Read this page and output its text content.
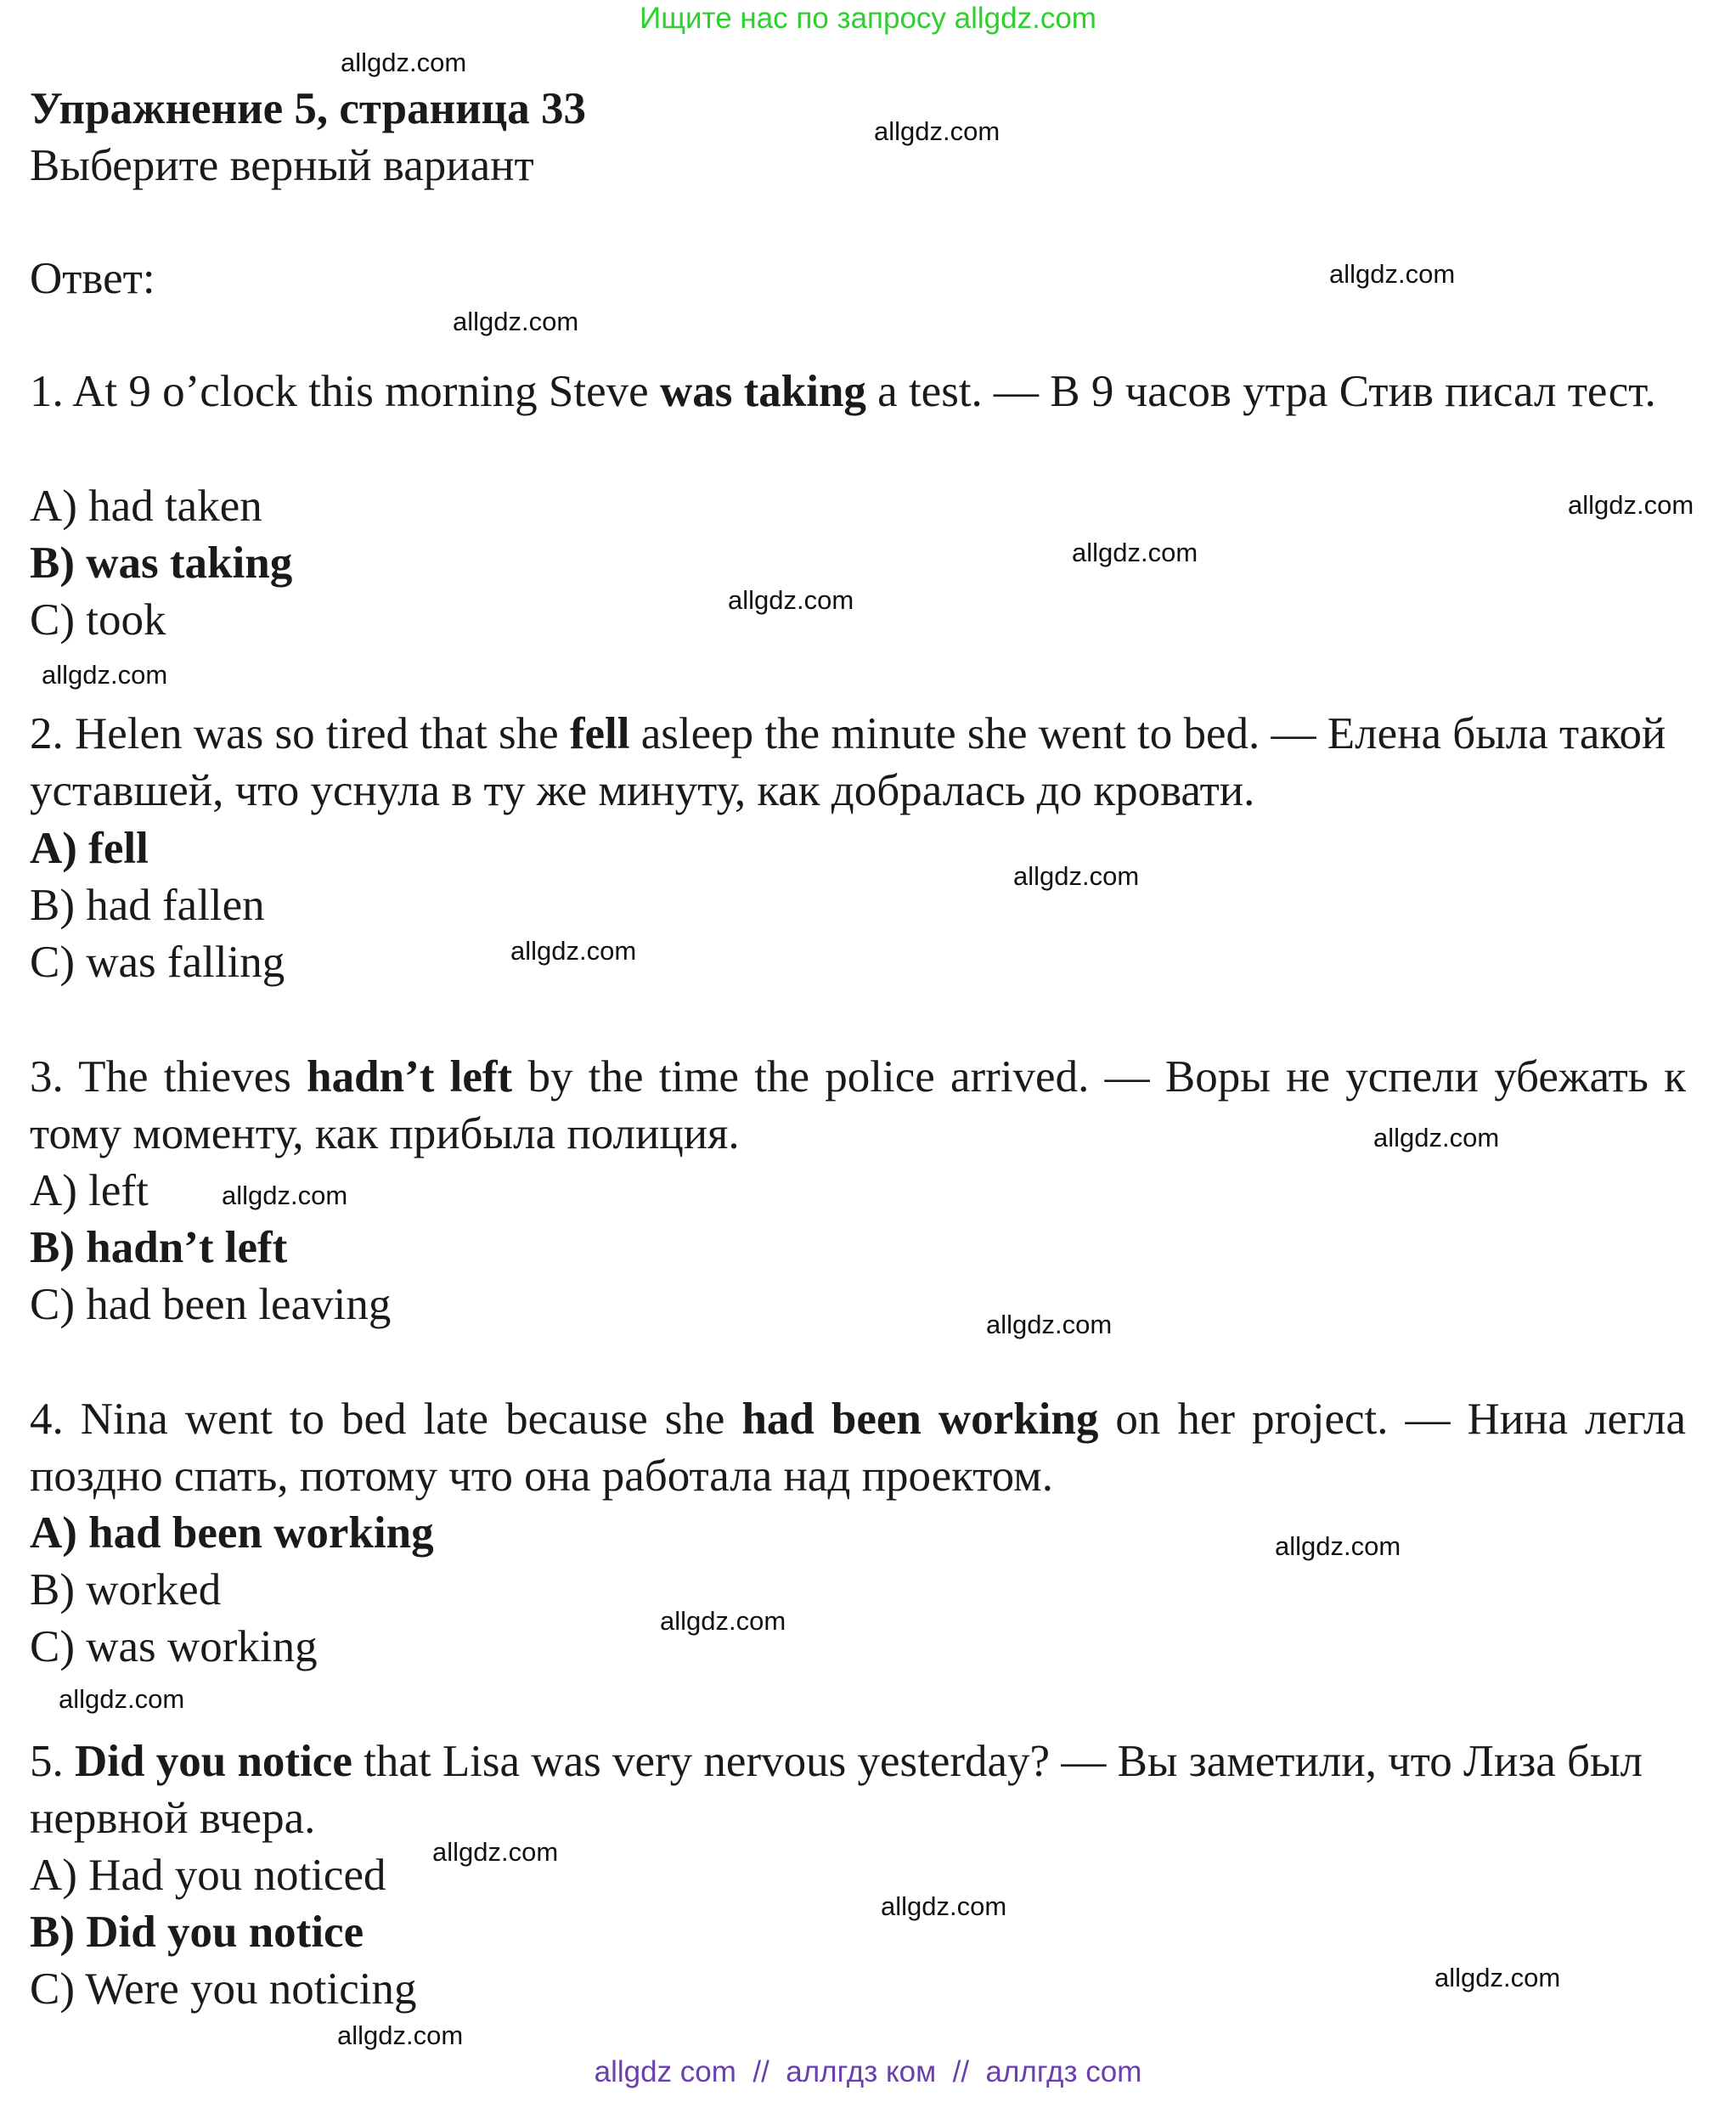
Ищите нас по запросу allgdz.com
Упражнение 5, страница 33
Выберите верный вариант
Ответ:
1. At 9 o’clock this morning Steve was taking a test. — В 9 часов утра Стив писал тест.
A) had taken
B) was taking
C) took
2. Helen was so tired that she fell asleep the minute she went to bed. — Елена была такой уставшей, что уснула в ту же минуту, как добралась до кровати.
A) fell
B) had fallen
C) was falling
3. The thieves hadn’t left by the time the police arrived. — Воры не успели убежать к тому моменту, как прибыла полиция.
A) left
B) hadn’t left
C) had been leaving
4. Nina went to bed late because she had been working on her project. — Нина легла поздно спать, потому что она работала над проектом.
A) had been working
B) worked
C) was working
5. Did you notice that Lisa was very nervous yesterday? — Вы заметили, что Лиза был нервной вчера.
A) Had you noticed
B) Did you notice
C) Were you noticing
allgdz.com
allgdz.com
allgdz.com
allgdz.com
allgdz.com
allgdz.com
allgdz.com
allgdz.com
allgdz.com
allgdz.com
allgdz.com
allgdz.com
allgdz.com
allgdz.com
allgdz.com
allgdz.com
allgdz.com
allgdz.com
allgdz.com
allgdz.com
allgdz com  //  аллгдз ком  //  аллгдз com
